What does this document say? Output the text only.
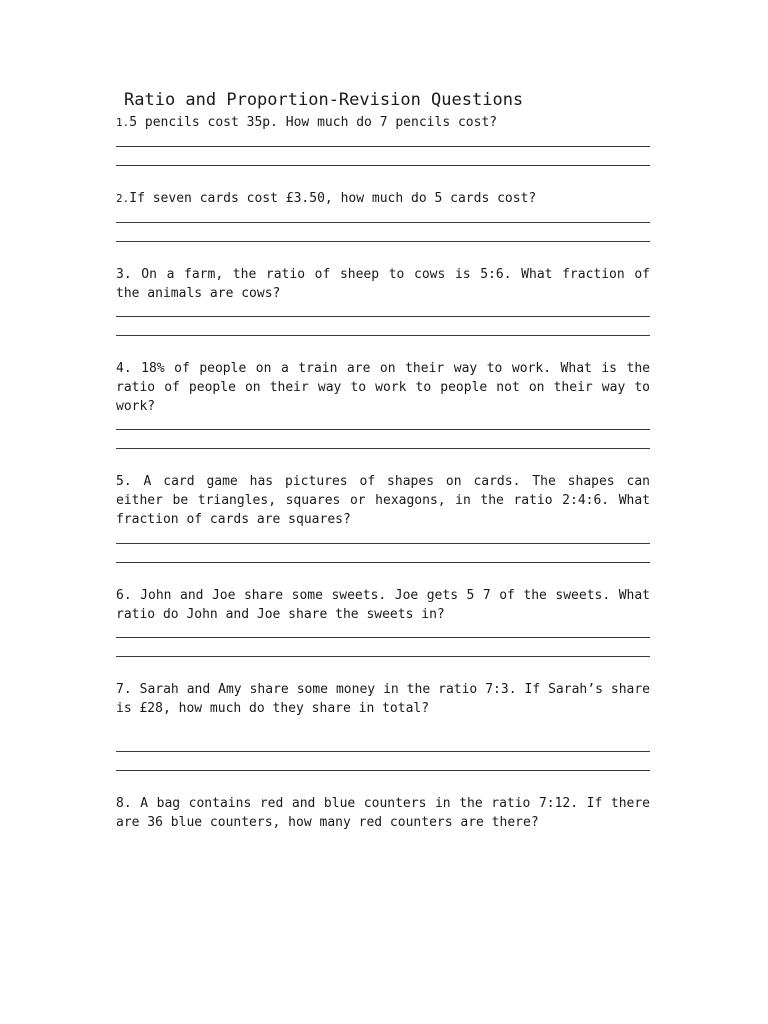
Ratio and Proportion-Revision Questions
1.5 pencils cost 35p. How much do 7 pencils cost?
2.If seven cards cost £3.50, how much do 5 cards cost?
3. On a farm, the ratio of sheep to cows is 5:6. What fraction of the animals are cows?
4. 18% of people on a train are on their way to work. What is the ratio of people on their way to work to people not on their way to work?
5. A card game has pictures of shapes on cards. The shapes can either be triangles, squares or hexagons, in the ratio 2:4:6. What fraction of cards are squares?
6. John and Joe share some sweets. Joe gets 5 7 of the sweets. What ratio do John and Joe share the sweets in?
7. Sarah and Amy share some money in the ratio 7:3. If Sarah’s share is £28, how much do they share in total?
8. A bag contains red and blue counters in the ratio 7:12. If there are 36 blue counters, how many red counters are there?
